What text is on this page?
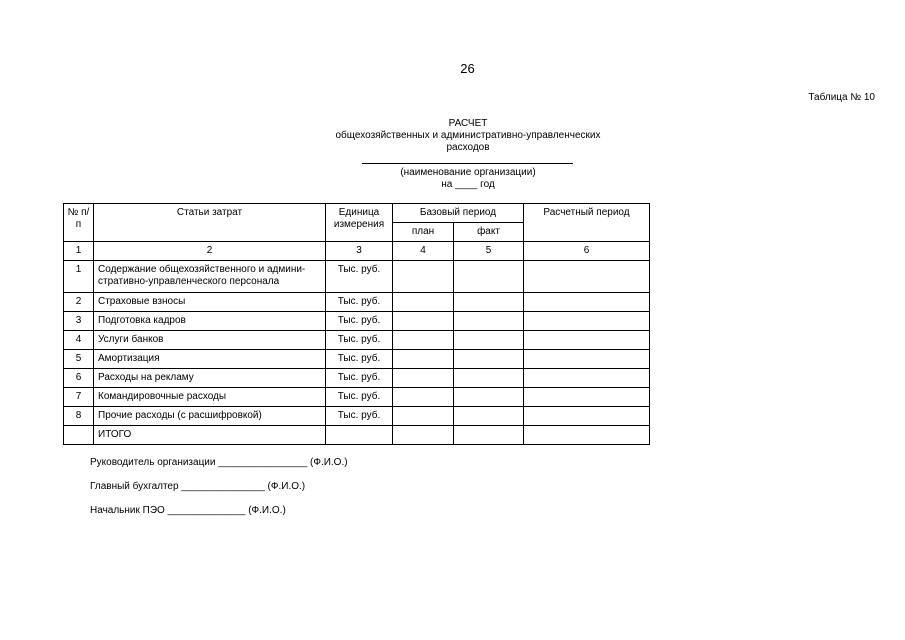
26
Таблица № 10
РАСЧЕТ
общехозяйственных и административно-управленческих
расходов
(наименование организации)
на ____ год
№ п/п	Статьи затрат	Единица измерения	Базовый период		Расчетный период
			план	факт	
1	2	3	4	5	6
1	Содержание общехозяйственного и админи-стративно-управленческого персонала	Тыс. руб.			
2	Страховые взносы	Тыс. руб.			
3	Подготовка кадров	Тыс. руб.			
4	Услуги банков	Тыс. руб.			
5	Амортизация	Тыс. руб.			
6	Расходы на рекламу	Тыс. руб.			
7	Командировочные расходы	Тыс. руб.			
8	Прочие расходы (с расшифровкой)	Тыс. руб.			
	ИТОГО				
Руководитель организации ________________ (Ф.И.О.)
Главный бухгалтер _______________ (Ф.И.О.)
Начальник ПЭО ______________ (Ф.И.О.)
